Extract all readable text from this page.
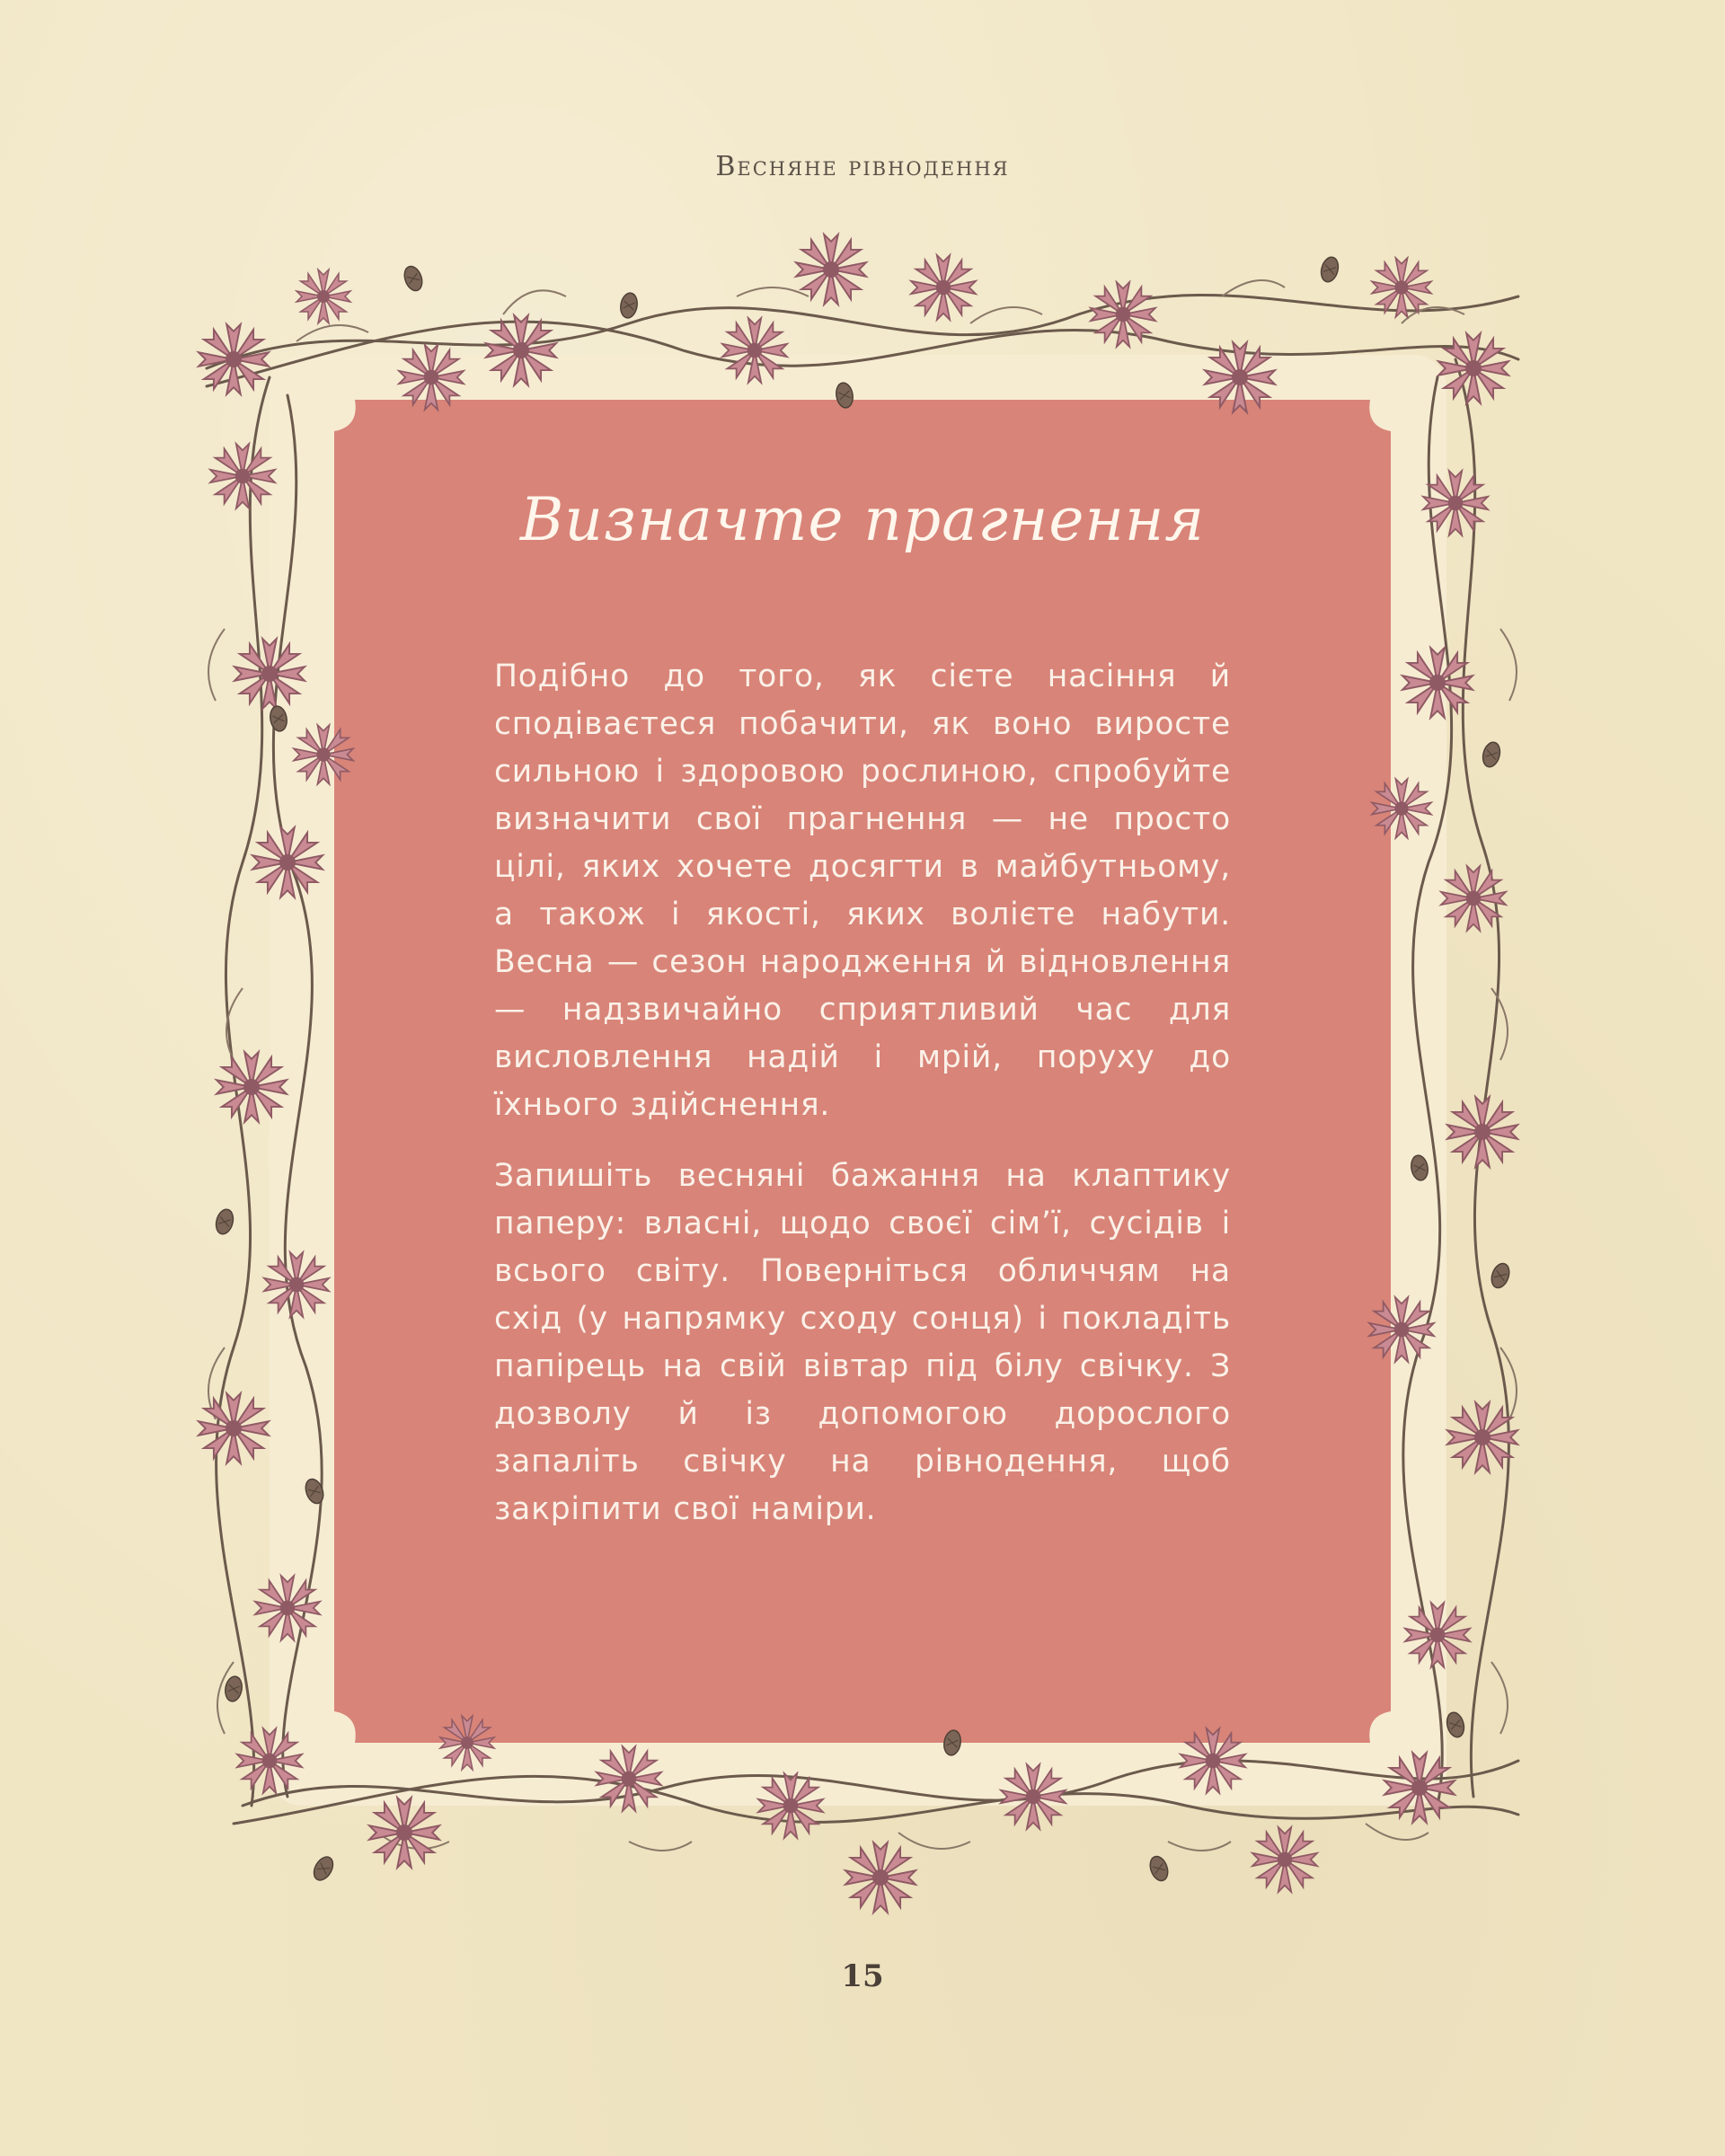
Весняне рівнодення
Визначте прагнення

Подібно до того, як сієте насіння й сподіваєтеся побачити, як воно виросте сильною і здоровою рослиною, спробуйте визначити свої прагнення — не просто цілі, яких хочете досягти в майбутньому, а також і якості, яких волієте набути. Весна — сезон народження й відновлення — надзвичайно сприятливий час для висловлення надій і мрій, поруху до їхнього здійснення.

Запишіть весняні бажання на клаптику паперу: власні, щодо своєї сім’ї, сусідів і всього світу. Поверніться обличчям на схід (у напрямку сходу сонця) і покладіть папірець на свій вівтар під білу свічку. З дозволу й із допомогою дорослого запаліть свічку на рівнодення, щоб закріпити свої наміри.

15
